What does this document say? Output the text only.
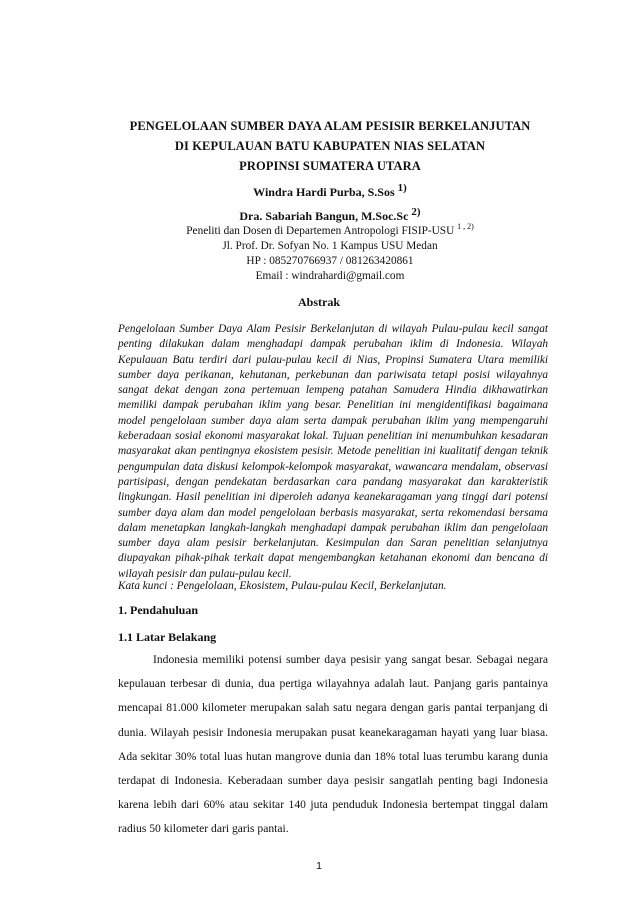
PENGELOLAAN SUMBER DAYA ALAM PESISIR BERKELANJUTAN
DI KEPULAUAN BATU KABUPATEN NIAS SELATAN
PROPINSI SUMATERA UTARA
Windra Hardi Purba, S.Sos $^{1)}$
Dra. Sabariah Bangun, M.Soc.Sc $^{2)}$
Peneliti dan Dosen di Departemen Antropologi FISIP-USU $^{1 , 2)}$
Jl. Prof. Dr. Sofyan No. 1 Kampus USU Medan
HP : 085270766937 / 081263420861
Email : windrahardi@gmail.com
Abstrak

Pengelolaan Sumber Daya Alam Pesisir Berkelanjutan di wilayah Pulau-pulau kecil sangat penting dilakukan dalam menghadapi dampak perubahan iklim di Indonesia. Wilayah Kepulauan Batu terdiri dari pulau-pulau kecil di Nias, Propinsi Sumatera Utara memiliki sumber daya perikanan, kehutanan, perkebunan dan pariwisata tetapi posisi wilayahnya sangat dekat dengan zona pertemuan lempeng patahan Samudera Hindia dikhawatirkan memiliki dampak perubahan iklim yang besar. Penelitian ini mengidentifikasi bagaimana model pengelolaan sumber daya alam serta dampak perubahan iklim yang mempengaruhi keberadaan sosial ekonomi masyarakat lokal. Tujuan penelitian ini menumbuhkan kesadaran masyarakat akan pentingnya ekosistem pesisir. Metode penelitian ini kualitatif dengan teknik pengumpulan data diskusi kelompok-kelompok masyarakat, wawancara mendalam, observasi partisipasi, dengan pendekatan berdasarkan cara pandang masyarakat dan karakteristik lingkungan. Hasil penelitian ini diperoleh adanya keanekaragaman yang tinggi dari potensi sumber daya alam dan model pengelolaan berbasis masyarakat, serta rekomendasi bersama dalam menetapkan langkah-langkah menghadapi dampak perubahan iklim dan pengelolaan sumber daya alam pesisir berkelanjutan. Kesimpulan dan Saran penelitian selanjutnya diupayakan pihak-pihak terkait dapat mengembangkan ketahanan ekonomi dan bencana di wilayah pesisir dan pulau-pulau kecil.

Kata kunci : Pengelolaan, Ekosistem, Pulau-pulau Kecil, Berkelanjutan.
1. Pendahuluan
1.1 Latar Belakang

Indonesia memiliki potensi sumber daya pesisir yang sangat besar. Sebagai negara kepulauan terbesar di dunia, dua pertiga wilayahnya adalah laut. Panjang garis pantainya mencapai 81.000 kilometer merupakan salah satu negara dengan garis pantai terpanjang di dunia. Wilayah pesisir Indonesia merupakan pusat keanekaragaman hayati yang luar biasa. Ada sekitar 30% total luas hutan mangrove dunia dan 18% total luas terumbu karang dunia terdapat di Indonesia. Keberadaan sumber daya pesisir sangatlah penting bagi Indonesia karena lebih dari 60% atau sekitar 140 juta penduduk Indonesia bertempat tinggal dalam radius 50 kilometer dari garis pantai.

1
